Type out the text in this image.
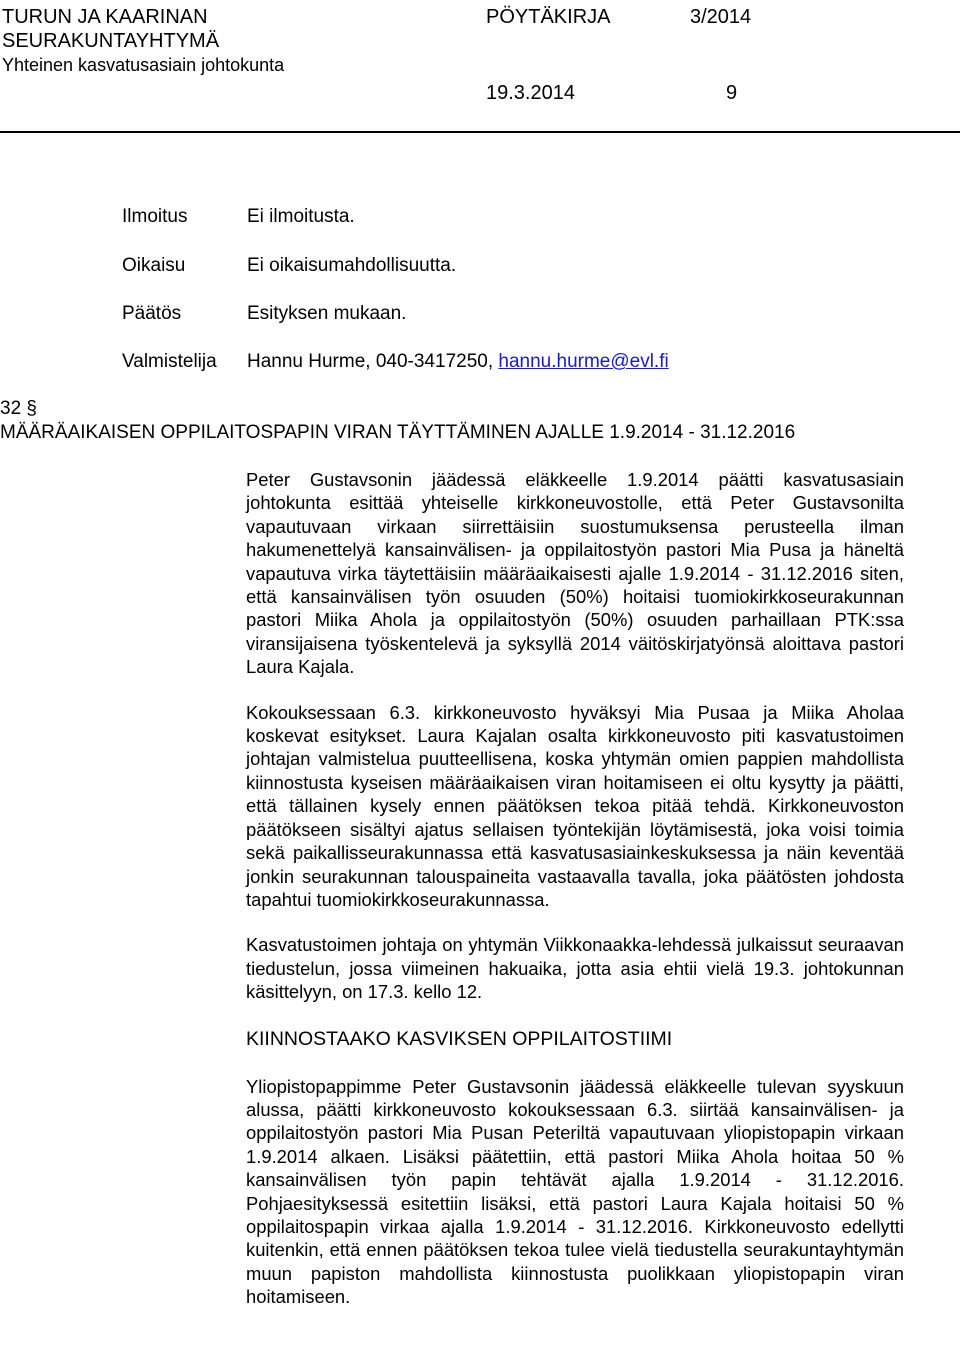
TURUN JA KAARINAN
SEURAKUNTAYHTYMÄ
Yhteinen kasvatusasiain johtokunta
PÖYTÄKIRJA	3/2014
19.3.2014	9
Ilmoitus	Ei ilmoitusta.
Oikaisu	Ei oikaisumahdollisuutta.
Päätös	Esityksen mukaan.
Valmistelija Hannu Hurme, 040-3417250, hannu.hurme@evl.fi
32 §
MÄÄRÄAIKAISEN OPPILAITOSPAPIN VIRAN TÄYTTÄMINEN AJALLE 1.9.2014 - 31.12.2016

Peter Gustavsonin jäädessä eläkkeelle 1.9.2014 päätti kasvatusasiain johtokunta esittää yhteiselle kirkkoneuvostolle, että Peter Gustavsonilta vapautuvaan virkaan siirrettäisiin suostumuksensa perusteella ilman hakumenettelyä kansainvälisen- ja oppilaitostyön pastori Mia Pusa ja häneltä vapautuva virka täytettäisiin määräaikaisesti ajalle 1.9.2014 - 31.12.2016 siten, että kansainvälisen työn osuuden (50%) hoitaisi tuomiokirkkoseurakunnan pastori Miika Ahola ja oppilaitostyön (50%) osuuden parhaillaan PTK:ssa viransijaisena työskentelevä ja syksyllä 2014 väitöskirjatyönsä aloittava pastori Laura Kajala.

Kokouksessaan 6.3. kirkkoneuvosto hyväksyi Mia Pusaa ja Miika Aholaa koskevat esitykset. Laura Kajalan osalta kirkkoneuvosto piti kasvatustoimen johtajan valmistelua puutteellisena, koska yhtymän omien pappien mahdollista kiinnostusta kyseisen määräaikaisen viran hoitamiseen ei oltu kysytty ja päätti, että tällainen kysely ennen päätöksen tekoa pitää tehdä. Kirkkoneuvoston päätökseen sisältyi ajatus sellaisen työntekijän löytämisestä, joka voisi toimia sekä paikallisseurakunnassa että kasvatusasiainkeskuksessa ja näin keventää jonkin seurakunnan talouspaineita vastaavalla tavalla, joka päätösten johdosta tapahtui tuomiokirkkoseurakunnassa.

Kasvatustoimen johtaja on yhtymän Viikkonaakka-lehdessä julkaissut seuraavan tiedustelun, jossa viimeinen hakuaika, jotta asia ehtii vielä 19.3. johtokunnan käsittelyyn, on 17.3. kello 12.

KIINNOSTAAKO KASVIKSEN OPPILAITOSTIIMI

Yliopistopappimme Peter Gustavsonin jäädessä eläkkeelle tulevan syyskuun alussa, päätti kirkkoneuvosto kokouksessaan 6.3. siirtää kansainvälisen- ja oppilaitostyön pastori Mia Pusan Peteriltä vapautuvaan yliopistopapin virkaan 1.9.2014 alkaen. Lisäksi päätettiin, että pastori Miika Ahola hoitaa 50 % kansainvälisen työn papin tehtävät ajalla 1.9.2014 - 31.12.2016. Pohjaesityksessä esitettiin lisäksi, että pastori Laura Kajala hoitaisi 50 % oppilaitospapin virkaa ajalla 1.9.2014 - 31.12.2016. Kirkkoneuvosto edellytti kuitenkin, että ennen päätöksen tekoa tulee vielä tiedustella seurakuntayhtymän muun papiston mahdollista kiinnostusta puolikkaan yliopistopapin viran hoitamiseen.
